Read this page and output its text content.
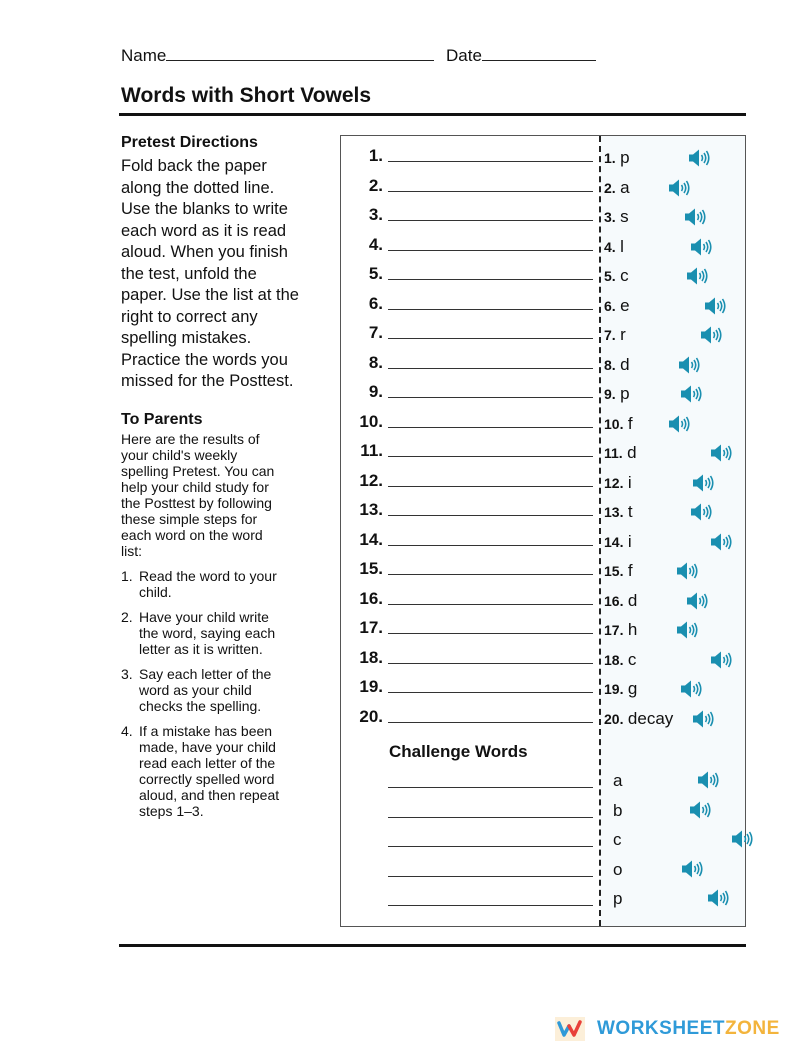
Name	Date
Words with Short Vowels
Pretest Directions
Fold back the paper
along the dotted line.
Use the blanks to write
each word as it is read
aloud. When you finish
the test, unfold the
paper. Use the list at the
right to correct any
spelling mistakes.
Practice the words you
missed for the Posttest.
To Parents
Here are the results of
your child's weekly
spelling Pretest. You can
help your child study for
the Posttest by following
these simple steps for
each word on the word
list:
1. Read the word to your
child.
2. Have your child write
the word, saying each
letter as it is written.
3. Say each letter of the
word as your child
checks the spelling.
4. If a mistake has been
made, have your child
read each letter of the
correctly spelled word
aloud, and then repeat
steps 1–3.
1.
2.
3.
4.
5.
6.
7.
8.
9.
10.
11.
12.
13.
14.
15.
16.
17.
18.
19.
20.
Challenge Words
1. p
2. a
3. s
4. l
5. c
6. e
7. r
8. d
9. p
10. f
11. d
12. i
13. t
14. i
15. f
16. d
17. h
18. c
19. g
20. decay
a
b
c
o
p
WORKSHEETZONE
